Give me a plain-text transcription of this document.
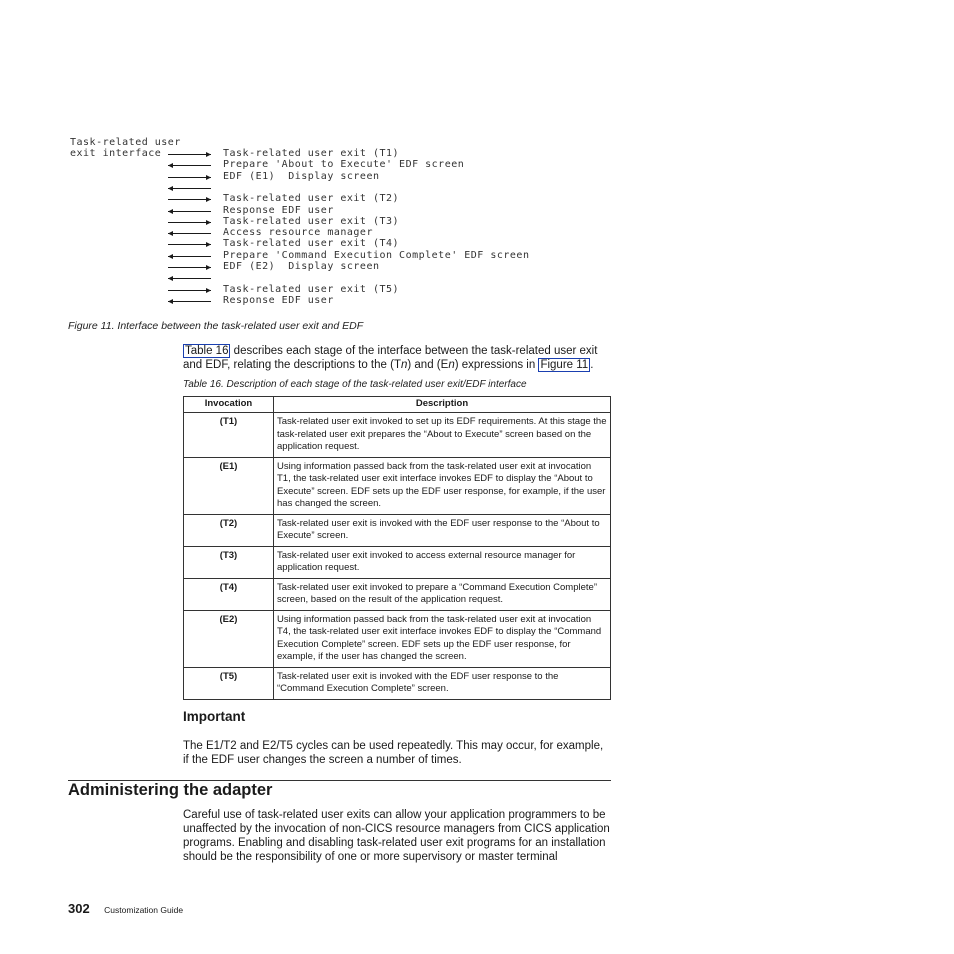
Task-related user
exit interface	Task-related user exit (T1)
Prepare 'About to Execute' EDF screen
EDF (E1)  Display screen
Task-related user exit (T2)
Response EDF user
Task-related user exit (T3)
Access resource manager
Task-related user exit (T4)
Prepare 'Command Execution Complete' EDF screen
EDF (E2)  Display screen
Task-related user exit (T5)
Response EDF user
Figure 11. Interface between the task-related user exit and EDF
Table 16 describes each stage of the interface between the task-related user exit and EDF, relating the descriptions to the (Tn) and (En) expressions in Figure 11 .
Table 16. Description of each stage of the task-related user exit/EDF interface
Invocation	Description
(T1)	Task-related user exit invoked to set up its EDF requirements. At this stage the task-related user exit prepares the “About to Execute” screen based on the application request.
(E1)	Using information passed back from the task-related user exit at invocation T1, the task-related user exit interface invokes EDF to display the “About to Execute” screen. EDF sets up the EDF user response, for example, if the user has changed the screen.
(T2)	Task-related user exit is invoked with the EDF user response to the “About to Execute” screen.
(T3)	Task-related user exit invoked to access external resource manager for application request.
(T4)	Task-related user exit invoked to prepare a “Command Execution Complete” screen, based on the result of the application request.
(E2)	Using information passed back from the task-related user exit at invocation T4, the task-related user exit interface invokes EDF to display the “Command Execution Complete” screen. EDF sets up the EDF user response, for example, if the user has changed the screen.
(T5)	Task-related user exit is invoked with the EDF user response to the “Command Execution Complete” screen.
Important
The E1/T2 and E2/T5 cycles can be used repeatedly. This may occur, for example, if the EDF user changes the screen a number of times.
Administering the adapter
Careful use of task-related user exits can allow your application programmers to be unaffected by the invocation of non-CICS resource managers from CICS application programs. Enabling and disabling task-related user exit programs for an installation should be the responsibility of one or more supervisory or master terminal
302 Customization Guide
